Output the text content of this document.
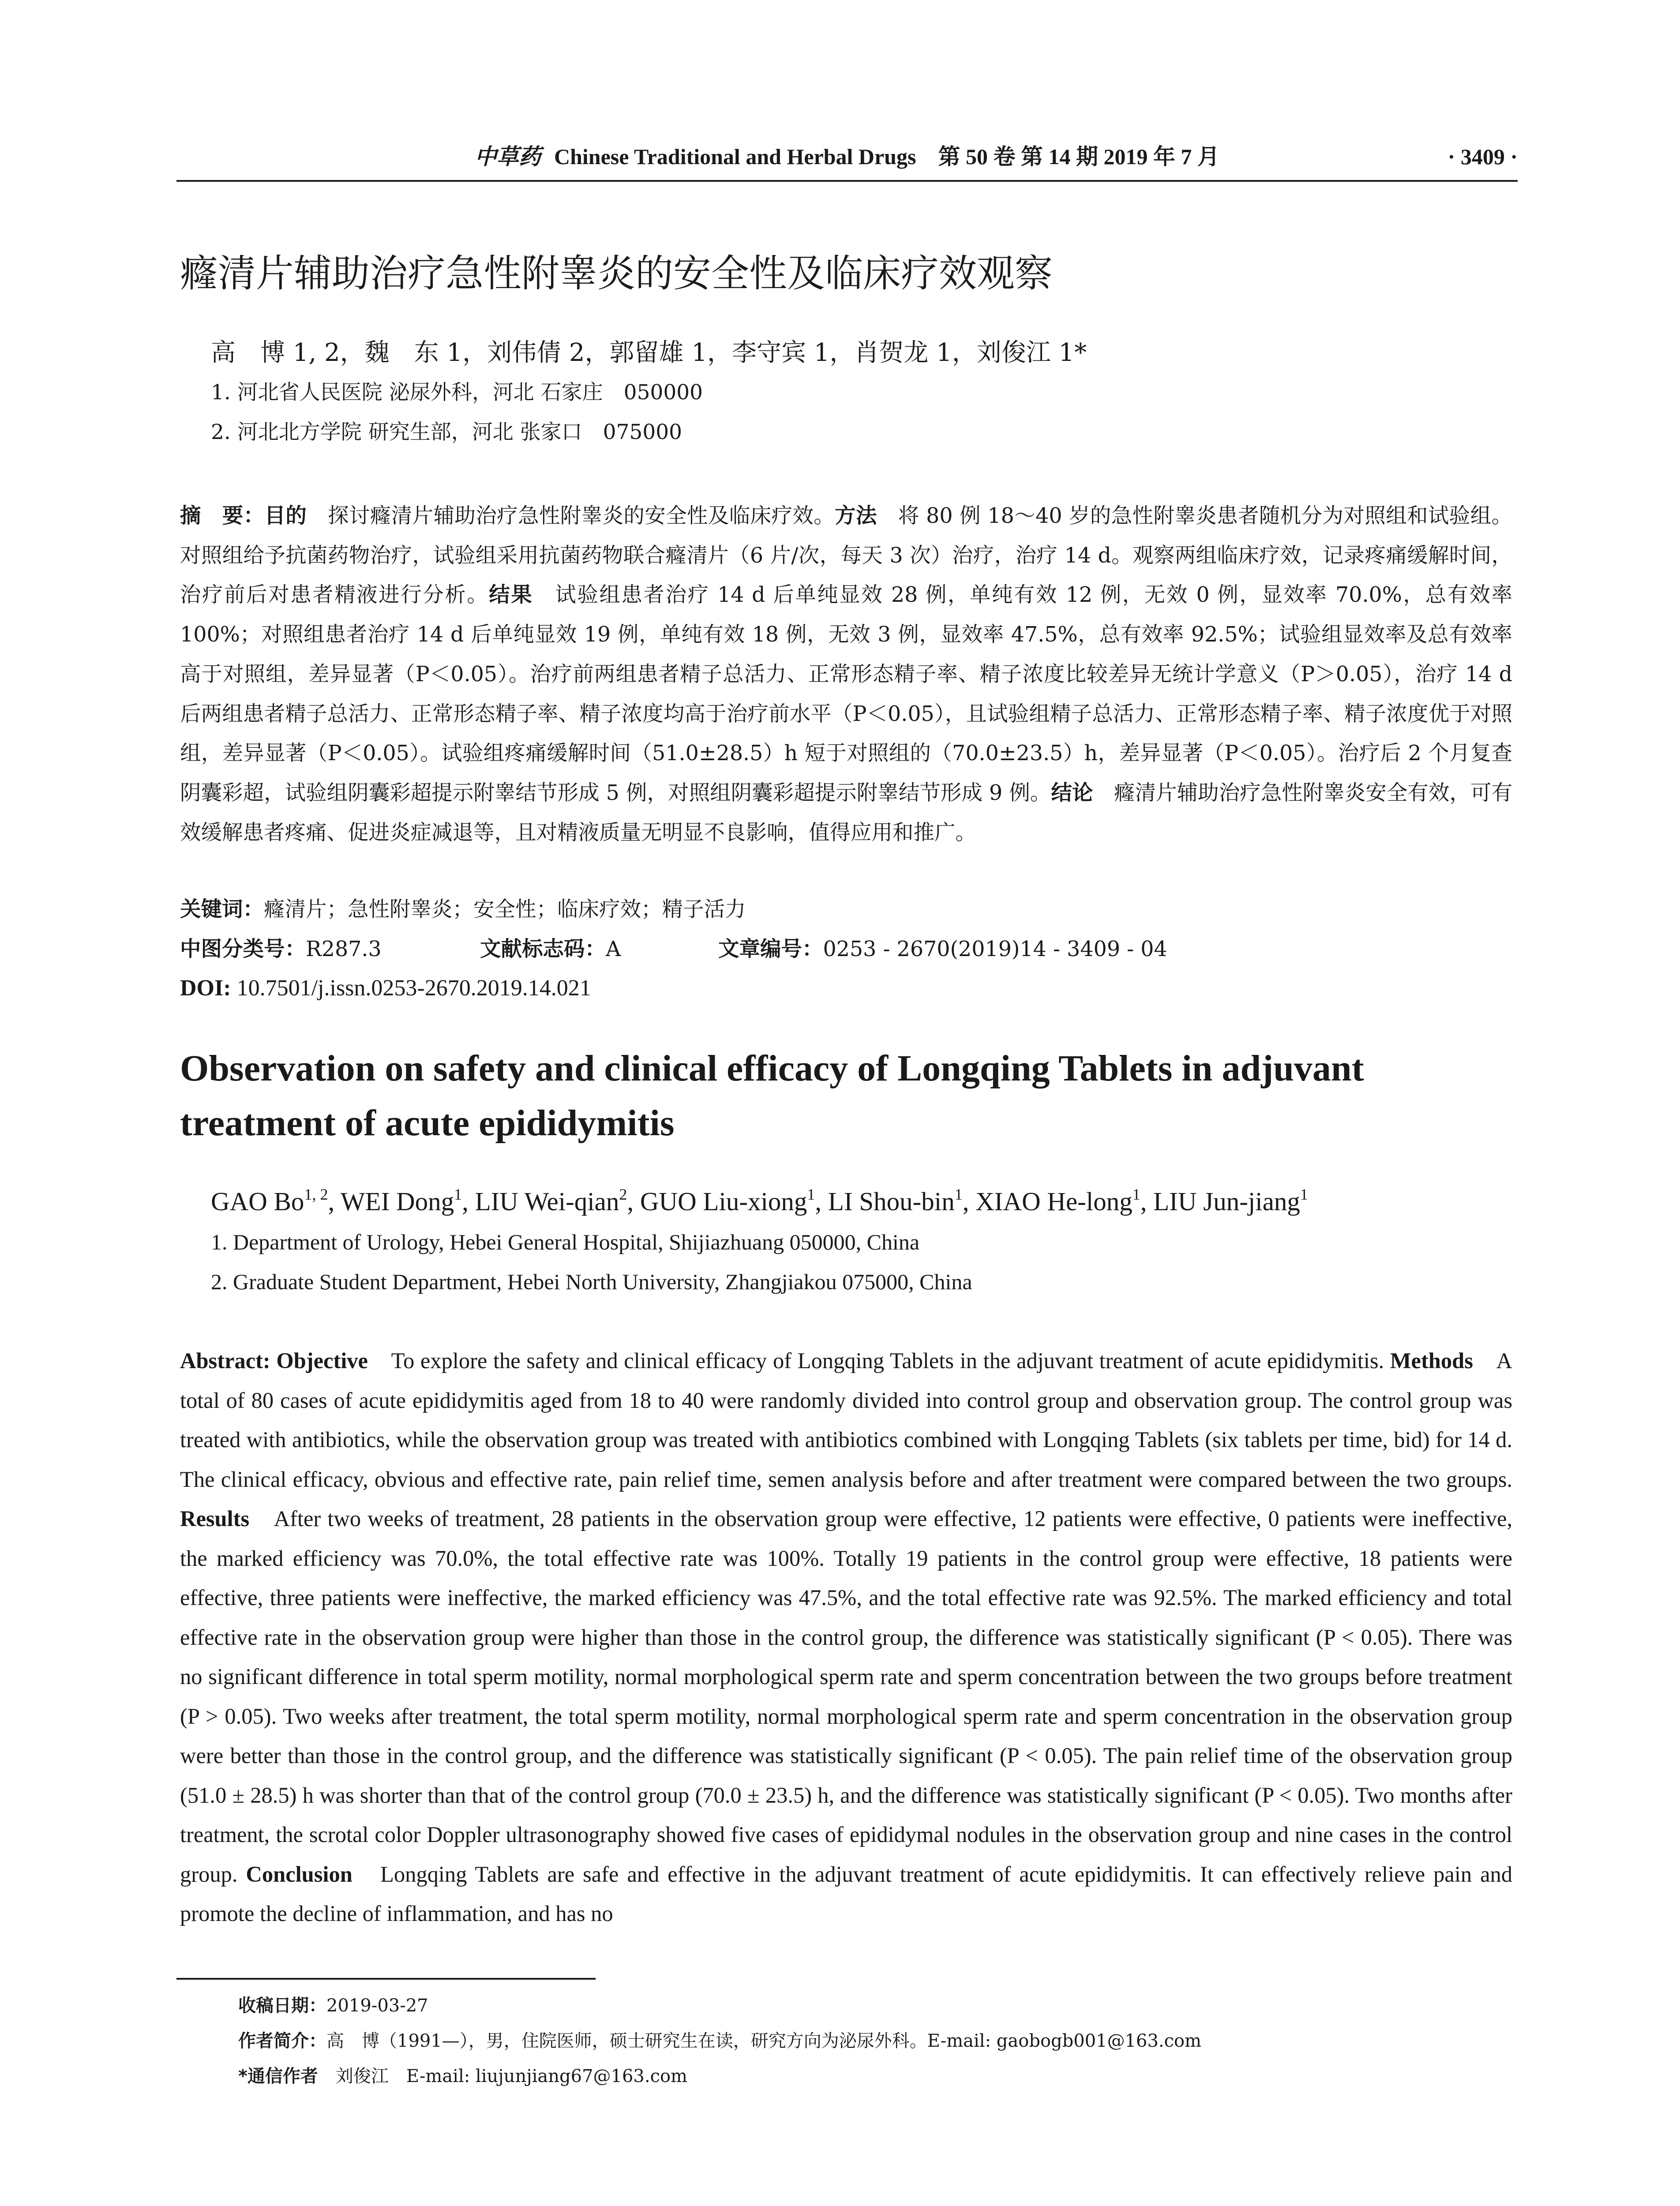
中草药 Chinese Traditional and Herbal Drugs　第 50 卷 第 14 期 2019 年 7 月	· 3409 ·
癃清片辅助治疗急性附睾炎的安全性及临床疗效观察
高　博 1, 2，魏　东 1，刘伟倩 2，郭留雄 1，李守宾 1，肖贺龙 1，刘俊江 1*
1. 河北省人民医院 泌尿外科，河北 石家庄　050000
2. 河北北方学院 研究生部，河北 张家口　075000
摘　要：目的　探讨癃清片辅助治疗急性附睾炎的安全性及临床疗效。方法　将 80 例 18～40 岁的急性附睾炎患者随机分为对照组和试验组。对照组给予抗菌药物治疗，试验组采用抗菌药物联合癃清片（6 片/次，每天 3 次）治疗，治疗 14 d。观察两组临床疗效，记录疼痛缓解时间，治疗前后对患者精液进行分析。结果　试验组患者治疗 14 d 后单纯显效 28 例，单纯有效 12 例，无效 0 例，显效率 70.0%，总有效率 100%；对照组患者治疗 14 d 后单纯显效 19 例，单纯有效 18 例，无效 3 例，显效率 47.5%，总有效率 92.5%；试验组显效率及总有效率高于对照组，差异显著（P＜0.05）。治疗前两组患者精子总活力、正常形态精子率、精子浓度比较差异无统计学意义（P＞0.05），治疗 14 d 后两组患者精子总活力、正常形态精子率、精子浓度均高于治疗前水平（P＜0.05），且试验组精子总活力、正常形态精子率、精子浓度优于对照组，差异显著（P＜0.05）。试验组疼痛缓解时间（51.0±28.5）h 短于对照组的（70.0±23.5）h，差异显著（P＜0.05）。治疗后 2 个月复查阴囊彩超，试验组阴囊彩超提示附睾结节形成 5 例，对照组阴囊彩超提示附睾结节形成 9 例。结论　癃清片辅助治疗急性附睾炎安全有效，可有效缓解患者疼痛、促进炎症减退等，且对精液质量无明显不良影响，值得应用和推广。
关键词：癃清片；急性附睾炎；安全性；临床疗效；精子活力
中图分类号：R287.3	文献标志码：A	文章编号：0253 - 2670(2019)14 - 3409 - 04
DOI: 10.7501/j.issn.0253-2670.2019.14.021
Observation on safety and clinical efficacy of Longqing Tablets in adjuvant treatment of acute epididymitis
GAO Bo$^{1, 2}$, WEI Dong$^1$, LIU Wei-qian$^2$, GUO Liu-xiong$^1$, LI Shou-bin$^1$, XIAO He-long$^1$, LIU Jun-jiang$^1$
1. Department of Urology, Hebei General Hospital, Shijiazhuang 050000, China
2. Graduate Student Department, Hebei North University, Zhangjiakou 075000, China
Abstract: Objective　To explore the safety and clinical efficacy of Longqing Tablets in the adjuvant treatment of acute epididymitis. Methods　A total of 80 cases of acute epididymitis aged from 18 to 40 were randomly divided into control group and observation group. The control group was treated with antibiotics, while the observation group was treated with antibiotics combined with Longqing Tablets (six tablets per time, bid) for 14 d. The clinical efficacy, obvious and effective rate, pain relief time, semen analysis before and after treatment were compared between the two groups. Results　After two weeks of treatment, 28 patients in the observation group were effective, 12 patients were effective, 0 patients were ineffective, the marked efficiency was 70.0%, the total effective rate was 100%. Totally 19 patients in the control group were effective, 18 patients were effective, three patients were ineffective, the marked efficiency was 47.5%, and the total effective rate was 92.5%. The marked efficiency and total effective rate in the observation group were higher than those in the control group, the difference was statistically significant (P < 0.05). There was no significant difference in total sperm motility, normal morphological sperm rate and sperm concentration between the two groups before treatment (P > 0.05). Two weeks after treatment, the total sperm motility, normal morphological sperm rate and sperm concentration in the observation group were better than those in the control group, and the difference was statistically significant (P < 0.05). The pain relief time of the observation group (51.0 ± 28.5) h was shorter than that of the control group (70.0 ± 23.5) h, and the difference was statistically significant (P < 0.05). Two months after treatment, the scrotal color Doppler ultrasonography showed five cases of epididymal nodules in the observation group and nine cases in the control group. Conclusion　Longqing Tablets are safe and effective in the adjuvant treatment of acute epididymitis. It can effectively relieve pain and promote the decline of inflammation, and has no
收稿日期：2019-03-27
作者简介：高　博（1991—），男，住院医师，硕士研究生在读，研究方向为泌尿外科。E-mail: gaobogb001@163.com
*通信作者　刘俊江　E-mail: liujunjiang67@163.com
